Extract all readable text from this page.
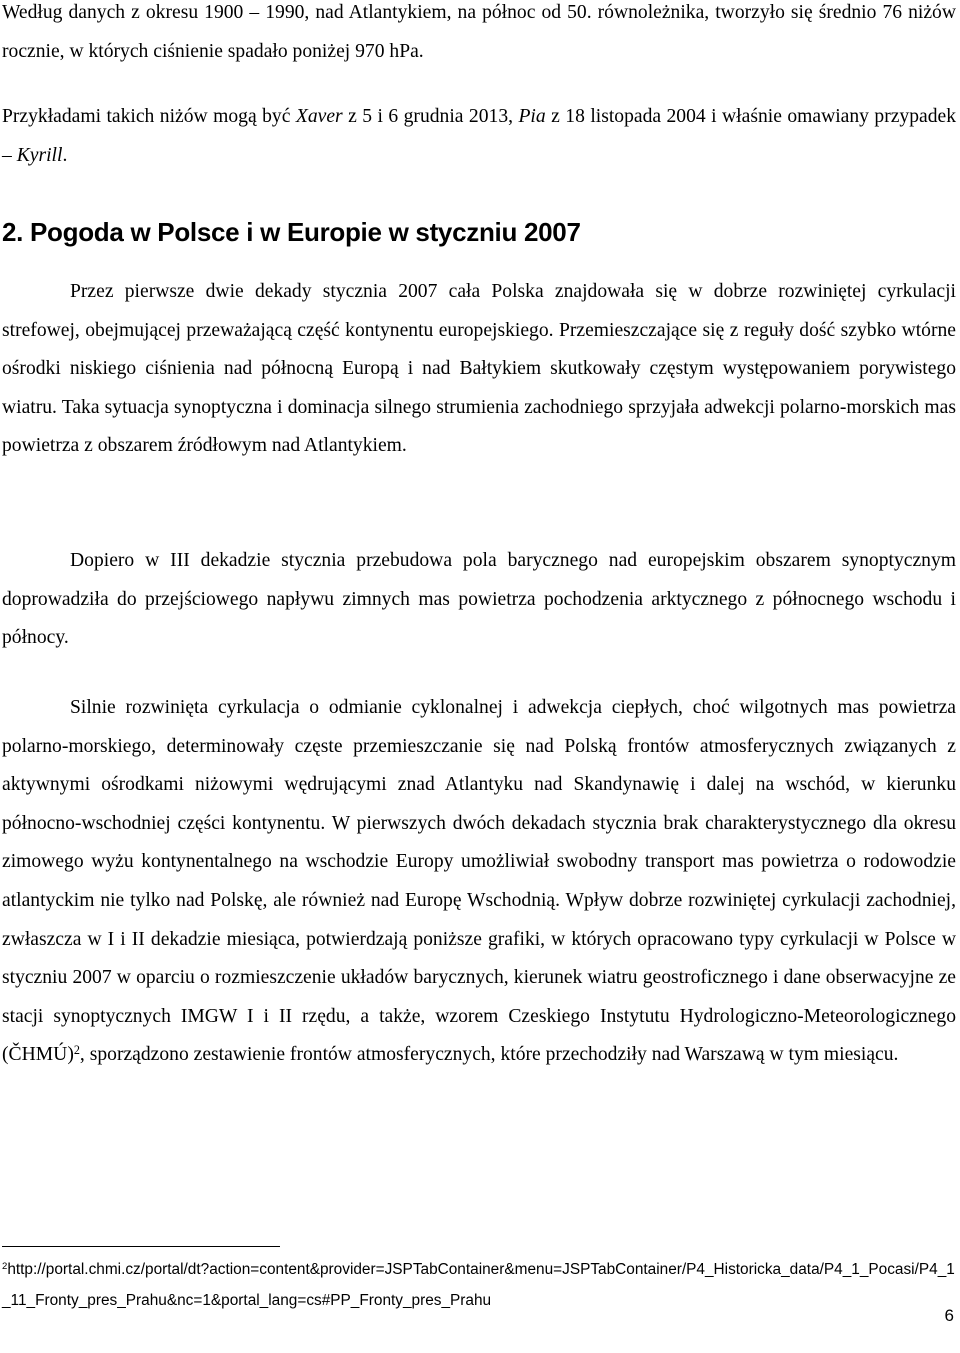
Według danych z okresu 1900 – 1990, nad Atlantykiem, na północ od 50. równoleżnika, tworzyło się średnio 76 niżów rocznie, w których ciśnienie spadało poniżej 970 hPa.

Przykładami takich niżów mogą być Xaver z 5 i 6 grudnia 2013, Pia z 18 listopada 2004 i właśnie omawiany przypadek – Kyrill.

2. Pogoda w Polsce i w Europie w styczniu 2007

Przez pierwsze dwie dekady stycznia 2007 cała Polska znajdowała się w dobrze rozwiniętej cyrkulacji strefowej, obejmującej przeważającą część kontynentu europejskiego. Przemieszczające się z reguły dość szybko wtórne ośrodki niskiego ciśnienia nad północną Europą i nad Bałtykiem skutkowały częstym występowaniem porywistego wiatru. Taka sytuacja synoptyczna i dominacja silnego strumienia zachodniego sprzyjała adwekcji polarno-morskich mas powietrza z obszarem źródłowym nad Atlantykiem.

Dopiero w III dekadzie stycznia przebudowa pola barycznego nad europejskim obszarem synoptycznym doprowadziła do przejściowego napływu zimnych mas powietrza pochodzenia arktycznego z północnego wschodu i północy.

Silnie rozwinięta cyrkulacja o odmianie cyklonalnej i adwekcja ciepłych, choć wilgotnych mas powietrza polarno-morskiego, determinowały częste przemieszczanie się nad Polską frontów atmosferycznych związanych z aktywnymi ośrodkami niżowymi wędrującymi znad Atlantyku nad Skandynawię i dalej na wschód, w kierunku północno-wschodniej części kontynentu. W pierwszych dwóch dekadach stycznia brak charakterystycznego dla okresu zimowego wyżu kontynentalnego na wschodzie Europy umożliwiał swobodny transport mas powietrza o rodowodzie atlantyckim nie tylko nad Polskę, ale również nad Europę Wschodnią. Wpływ dobrze rozwiniętej cyrkulacji zachodniej, zwłaszcza w I i II dekadzie miesiąca, potwierdzają poniższe grafiki, w których opracowano typy cyrkulacji w Polsce w styczniu 2007 w oparciu o rozmieszczenie układów barycznych, kierunek wiatru geostroficznego i dane obserwacyjne ze stacji synoptycznych IMGW I i II rzędu, a także, wzorem Czeskiego Instytutu Hydrologiczno-Meteorologicznego (ČHMÚ)$^2$, sporządzono zestawienie frontów atmosferycznych, które przechodziły nad Warszawą w tym miesiącu.

$^2$http://portal.chmi.cz/portal/dt?action=content&provider=JSPTabContainer&menu=JSPTabContainer/P4_Historicka_data/P4_1_Pocasi/P4_1_11_Fronty_pres_Prahu&nc=1&portal_lang=cs#PP_Fronty_pres_Prahu

6
